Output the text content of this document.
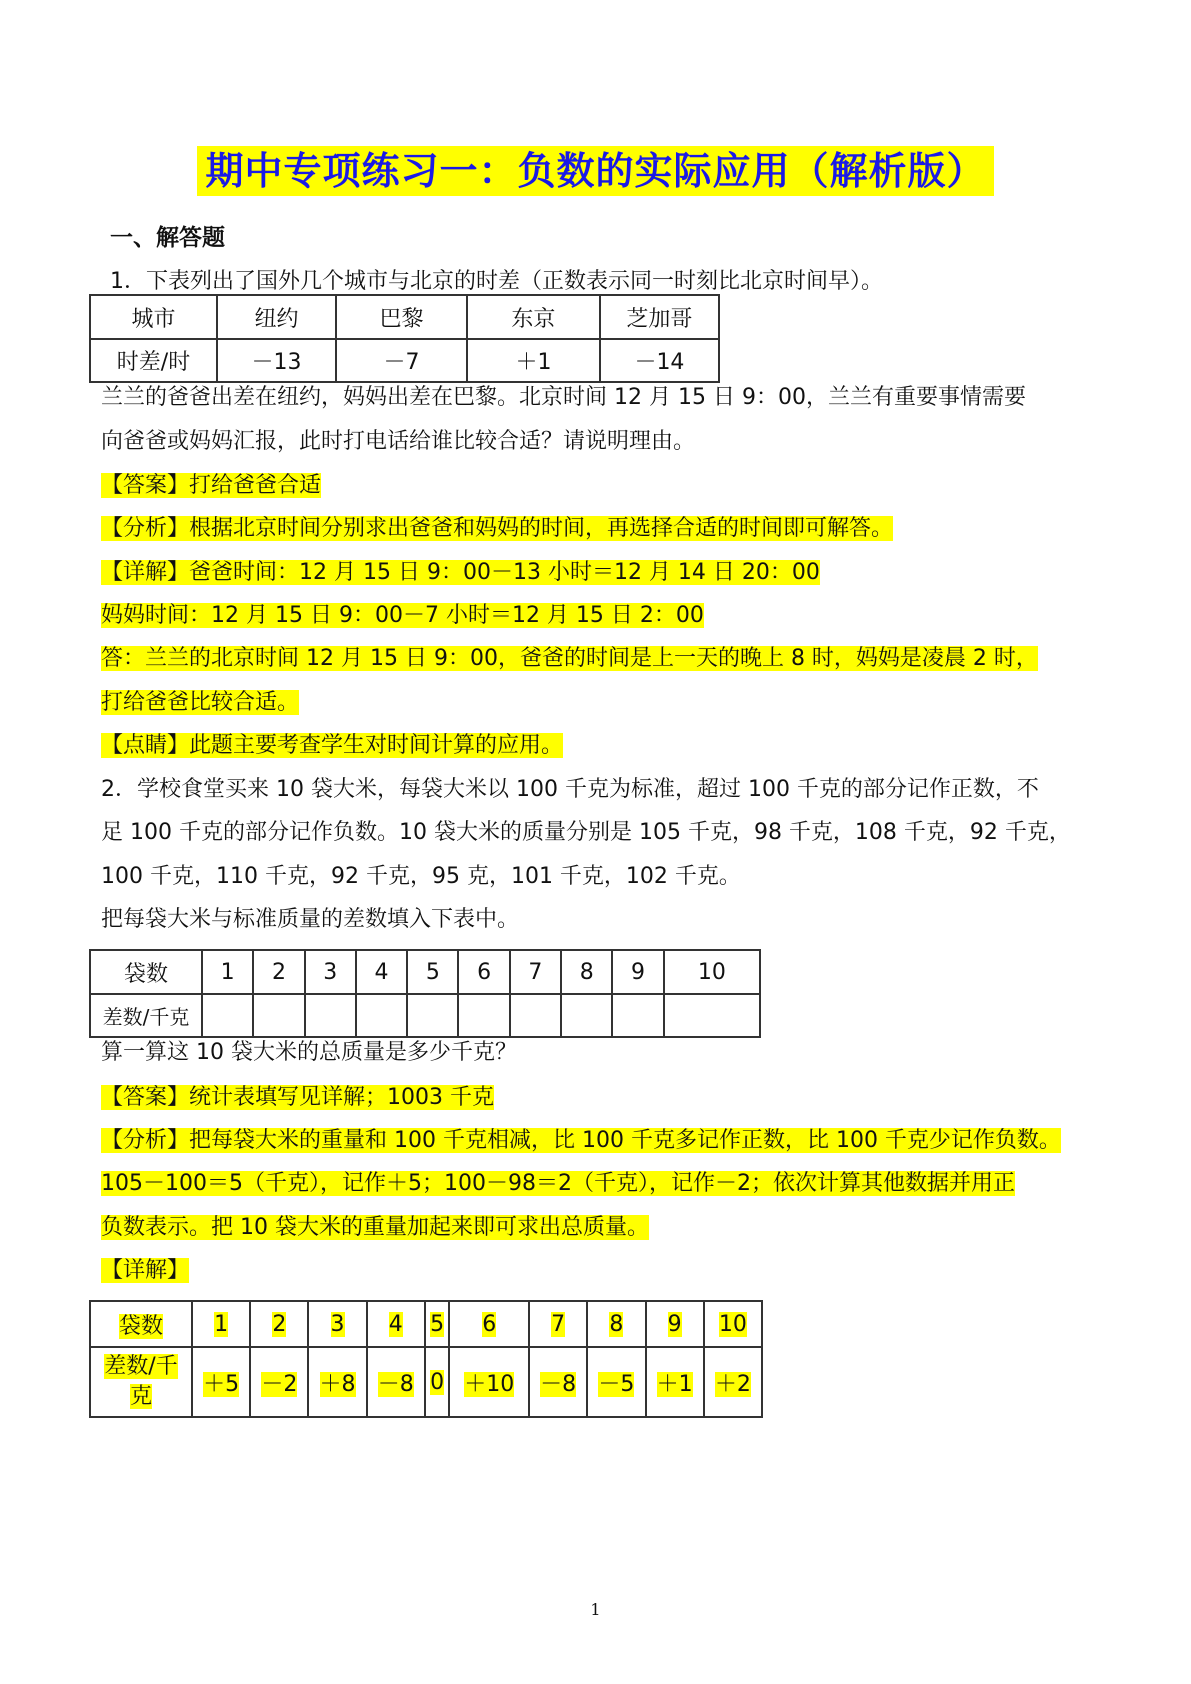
期中专项练习一：负数的实际应用（解析版）
一、解答题
1．下表列出了国外几个城市与北京的时差（正数表示同一时刻比北京时间早）。
城市	纽约	巴黎	东京	芝加哥
时差/时	－13	－7	＋1	－14
兰兰的爸爸出差在纽约，妈妈出差在巴黎。北京时间 12 月 15 日 9：00，兰兰有重要事情需要
向爸爸或妈妈汇报，此时打电话给谁比较合适？请说明理由。
【答案】打给爸爸合适
【分析】根据北京时间分别求出爸爸和妈妈的时间，再选择合适的时间即可解答。
【详解】爸爸时间：12 月 15 日 9：00－13 小时＝12 月 14 日 20：00
妈妈时间：12 月 15 日 9：00－7 小时＝12 月 15 日 2：00
答：兰兰的北京时间 12 月 15 日 9：00，爸爸的时间是上一天的晚上 8 时，妈妈是凌晨 2 时，
打给爸爸比较合适。
【点睛】此题主要考查学生对时间计算的应用。
2．学校食堂买来 10 袋大米，每袋大米以 100 千克为标准，超过 100 千克的部分记作正数，不
足 100 千克的部分记作负数。10 袋大米的质量分别是 105 千克，98 千克，108 千克，92 千克，
100 千克，110 千克，92 千克，95 克，101 千克，102 千克。
把每袋大米与标准质量的差数填入下表中。
袋数	1	2	3	4	5	6	7	8	9	10
差数/千克										
算一算这 10 袋大米的总质量是多少千克？
【答案】统计表填写见详解；1003 千克
【分析】把每袋大米的重量和 100 千克相减，比 100 千克多记作正数，比 100 千克少记作负数。
105－100＝5（千克），记作＋5；100－98＝2（千克），记作－2；依次计算其他数据并用正
负数表示。把 10 袋大米的重量加起来即可求出总质量。
【详解】
袋数	1	2	3	4	5	6	7	8	9	10
差数/千
克	＋5	－2	＋8	－8	0	＋10	－8	－5	＋1	＋2
1
